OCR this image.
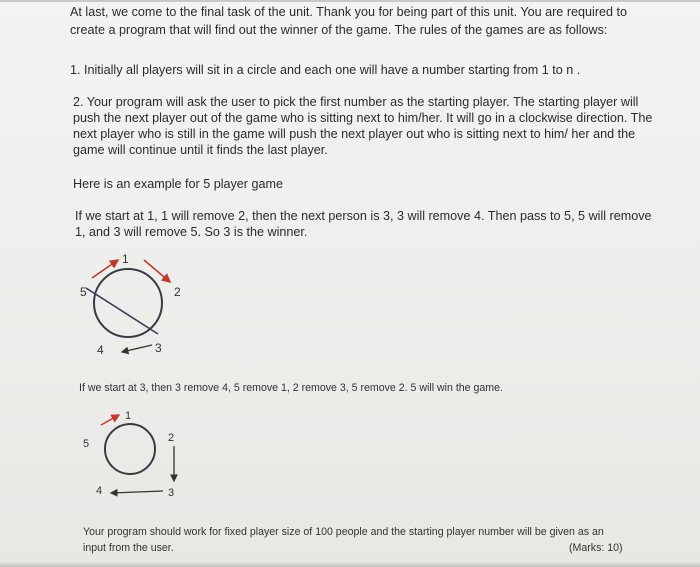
At last, we come to the final task of the unit. Thank you for being part of this unit. You are required to
create a program that will find out the winner of the game. The rules of the games are as follows:
1. Initially all players will sit in a circle and each one will have a number starting from 1 to n .
2. Your program will ask the user to pick the first number as the starting player. The starting player will
push the next player out of the game who is sitting next to him/her. It will go in a clockwise direction. The
next player who is still in the game will push the next player out who is sitting next to him/ her and the
game will continue until it finds the last player.
Here is an example for 5 player game
If we start at 1, 1 will remove 2, then the next person is 3, 3 will remove 4. Then pass to 5, 5 will remove
1, and 3 will remove 5. So 3 is the winner.
1
2
3
4
5
If we start at 3, then 3 remove 4, 5 remove 1, 2 remove 3, 5 remove 2. 5 will win the game.
1
2
3
4
5
Your program should work for fixed player size of 100 people and the starting player number will be given as an
input from the user.	(Marks: 10)
